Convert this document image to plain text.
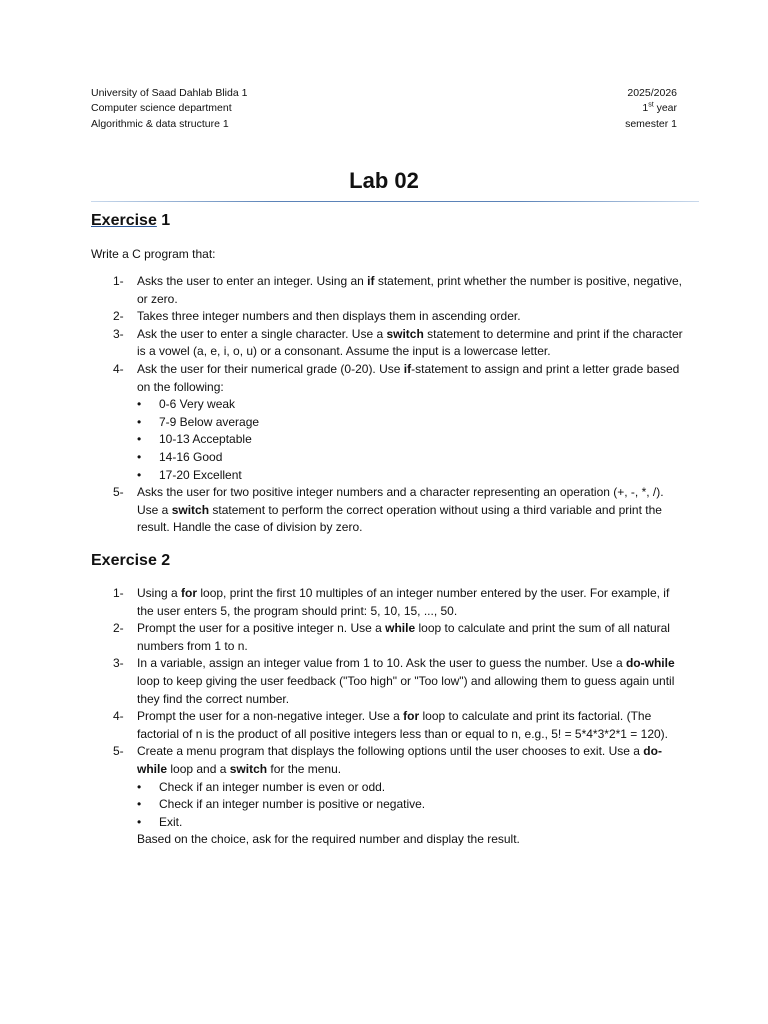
University of Saad Dahlab Blida 1	2025/2026
Computer science department	1st year
Algorithmic & data structure 1	semester 1
Lab 02
Exercise 1
Write a C program that:
1-	Asks the user to enter an integer. Using an if statement, print whether the number is positive, negative, or zero.
2-	Takes three integer numbers and then displays them in ascending order.
3-	Ask the user to enter a single character. Use a switch statement to determine and print if the character is a vowel (a, e, i, o, u) or a consonant. Assume the input is a lowercase letter.
4-	Ask the user for their numerical grade (0-20). Use if-statement to assign and print a letter grade based on the following:
• 0-6 Very weak
• 7-9 Below average
• 10-13 Acceptable
• 14-16 Good
• 17-20 Excellent
5-	Asks the user for two positive integer numbers and a character representing an operation (+, -, *, /). Use a switch statement to perform the correct operation without using a third variable and print the result. Handle the case of division by zero.
Exercise 2
1-	Using a for loop, print the first 10 multiples of an integer number entered by the user. For example, if the user enters 5, the program should print: 5, 10, 15, ..., 50.
2-	Prompt the user for a positive integer n. Use a while loop to calculate and print the sum of all natural numbers from 1 to n.
3-	In a variable, assign an integer value from 1 to 10. Ask the user to guess the number. Use a do-while loop to keep giving the user feedback ("Too high" or "Too low") and allowing them to guess again until they find the correct number.
4-	Prompt the user for a non-negative integer. Use a for loop to calculate and print its factorial. (The factorial of n is the product of all positive integers less than or equal to n, e.g., 5! = 5*4*3*2*1 = 120).
5-	Create a menu program that displays the following options until the user chooses to exit. Use a do-while loop and a switch for the menu.
• Check if an integer number is even or odd.
• Check if an integer number is positive or negative.
• Exit.
Based on the choice, ask for the required number and display the result.
